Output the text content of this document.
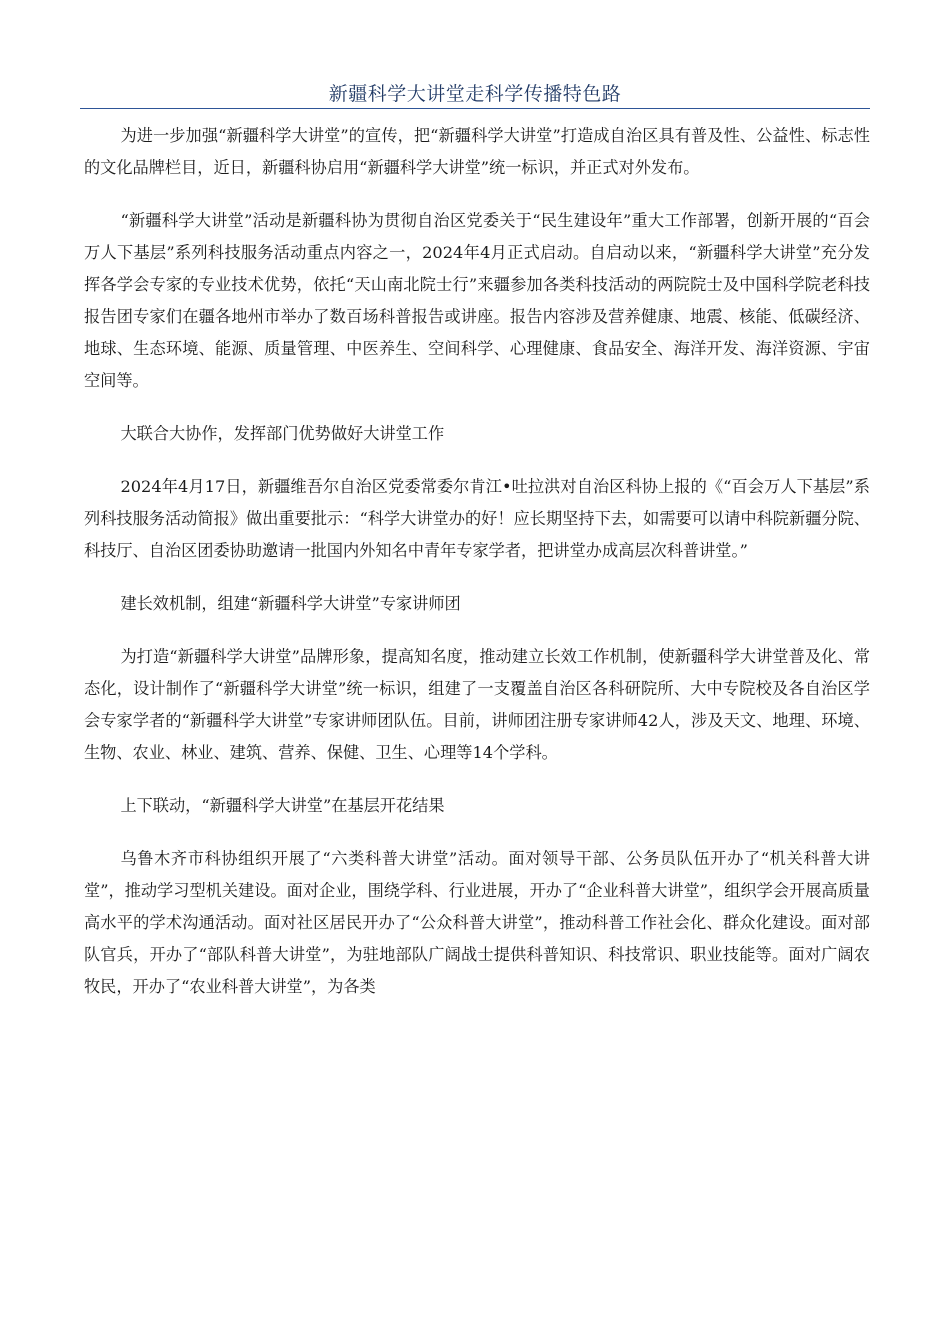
新疆科学大讲堂走科学传播特色路

为进一步加强“新疆科学大讲堂”的宣传，把“新疆科学大讲堂”打造成自治区具有普及性、公益性、标志性的文化品牌栏目，近日，新疆科协启用“新疆科学大讲堂”统一标识，并正式对外发布。

“新疆科学大讲堂”活动是新疆科协为贯彻自治区党委关于“民生建设年”重大工作部署，创新开展的“百会万人下基层”系列科技服务活动重点内容之一，2024年4月正式启动。自启动以来，“新疆科学大讲堂”充分发挥各学会专家的专业技术优势，依托“天山南北院士行”来疆参加各类科技活动的两院院士及中国科学院老科技报告团专家们在疆各地州市举办了数百场科普报告或讲座。报告内容涉及营养健康、地震、核能、低碳经济、地球、生态环境、能源、质量管理、中医养生、空间科学、心理健康、食品安全、海洋开发、海洋资源、宇宙空间等。

大联合大协作，发挥部门优势做好大讲堂工作

2024年4月17日，新疆维吾尔自治区党委常委尔肯江•吐拉洪对自治区科协上报的《“百会万人下基层”系列科技服务活动简报》做出重要批示：“科学大讲堂办的好！应长期坚持下去，如需要可以请中科院新疆分院、科技厅、自治区团委协助邀请一批国内外知名中青年专家学者，把讲堂办成高层次科普讲堂。”

建长效机制，组建“新疆科学大讲堂”专家讲师团

为打造“新疆科学大讲堂”品牌形象，提高知名度，推动建立长效工作机制，使新疆科学大讲堂普及化、常态化，设计制作了“新疆科学大讲堂”统一标识，组建了一支覆盖自治区各科研院所、大中专院校及各自治区学会专家学者的“新疆科学大讲堂”专家讲师团队伍。目前，讲师团注册专家讲师42人，涉及天文、地理、环境、生物、农业、林业、建筑、营养、保健、卫生、心理等14个学科。

上下联动，“新疆科学大讲堂”在基层开花结果

乌鲁木齐市科协组织开展了“六类科普大讲堂”活动。面对领导干部、公务员队伍开办了“机关科普大讲堂”，推动学习型机关建设。面对企业，围绕学科、行业进展，开办了“企业科普大讲堂”，组织学会开展高质量高水平的学术沟通活动。面对社区居民开办了“公众科普大讲堂”，推动科普工作社会化、群众化建设。面对部队官兵，开办了“部队科普大讲堂”，为驻地部队广阔战士提供科普知识、科技常识、职业技能等。面对广阔农牧民，开办了“农业科普大讲堂”，为各类
